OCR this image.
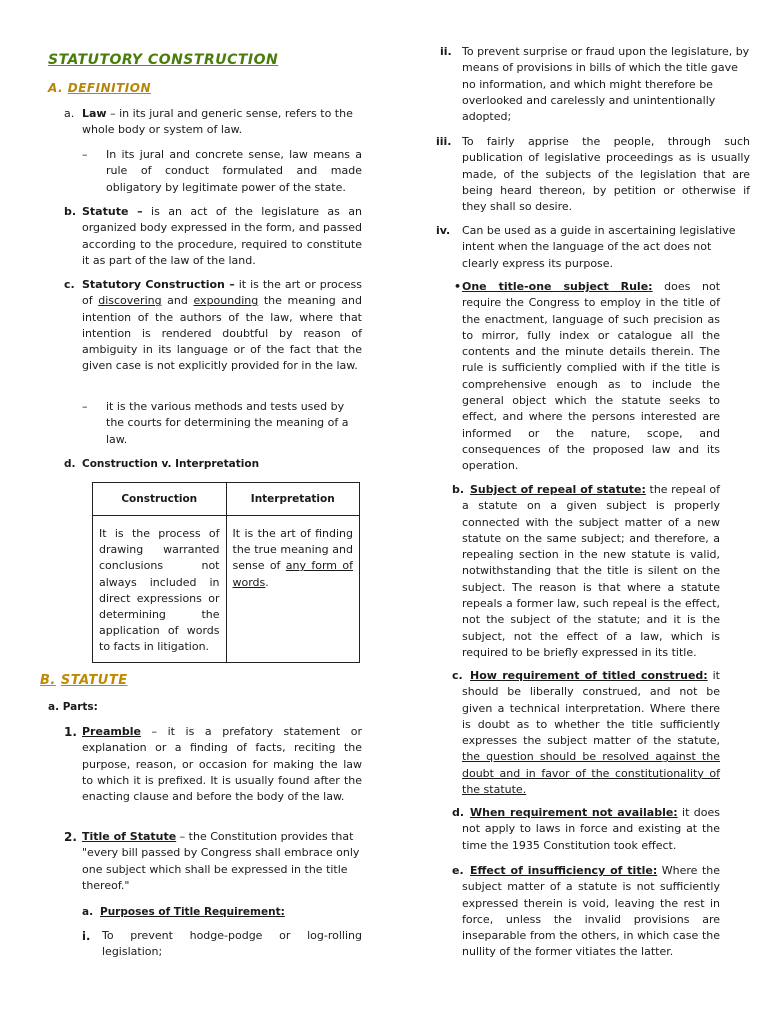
STATUTORY CONSTRUCTION
A. DEFINITION
a. Law – in its jural and generic sense, refers to the whole body or system of law.

– In its jural and concrete sense, law means a rule of conduct formulated and made obligatory by legitimate power of the state.

b. Statute – is an act of the legislature as an organized body expressed in the form, and passed according to the procedure, required to constitute it as part of the law of the land.

c. Statutory Construction – it is the art or process of discovering and expounding the meaning and intention of the authors of the law, where that intention is rendered doubtful by reason of ambiguity in its language or of the fact that the given case is not explicitly provided for in the law.

– it is the various methods and tests used by the courts for determining the meaning of a law.

d. Construction v. Interpretation
Construction	Interpretation
It is the process of drawing warranted conclusions not always included in direct expressions or determining the application of words to facts in litigation.	It is the art of finding the true meaning and sense of any form of words.
B. STATUTE
a. Parts:
1. Preamble – it is a prefatory statement or explanation or a finding of facts, reciting the purpose, reason, or occasion for making the law to which it is prefixed. It is usually found after the enacting clause and before the body of the law.

2. Title of Statute – the Constitution provides that "every bill passed by Congress shall embrace only one subject which shall be expressed in the title thereof."

a. Purposes of Title Requirement:
i. To prevent hodge-podge or log-rolling legislation;

ii. To prevent surprise or fraud upon the legislature, by means of provisions in bills of which the title gave no information, and which might therefore be overlooked and carelessly and unintentionally adopted;

iii. To fairly apprise the people, through such publication of legislative proceedings as is usually made, of the subjects of the legislation that are being heard thereon, by petition or otherwise if they shall so desire.

iv. Can be used as a guide in ascertaining legislative intent when the language of the act does not clearly express its purpose.

• One title-one subject Rule: does not require the Congress to employ in the title of the enactment, language of such precision as to mirror, fully index or catalogue all the contents and the minute details therein. The rule is sufficiently complied with if the title is comprehensive enough as to include the general object which the statute seeks to effect, and where the persons interested are informed or the nature, scope, and consequences of the proposed law and its operation.

b. Subject of repeal of statute: the repeal of a statute on a given subject is properly connected with the subject matter of a new statute on the same subject; and therefore, a repealing section in the new statute is valid, notwithstanding that the title is silent on the subject. The reason is that where a statute repeals a former law, such repeal is the effect, not the subject of the statute; and it is the subject, not the effect of a law, which is required to be briefly expressed in its title.

c. How requirement of titled construed: it should be liberally construed, and not be given a technical interpretation. Where there is doubt as to whether the title sufficiently expresses the subject matter of the statute, the question should be resolved against the doubt and in favor of the constitutionality of the statute.

d. When requirement not available: it does not apply to laws in force and existing at the time the 1935 Constitution took effect.

e. Effect of insufficiency of title: Where the subject matter of a statute is not sufficiently expressed therein is void, leaving the rest in force, unless the invalid provisions are inseparable from the others, in which case the nullity of the former vitiates the latter.
